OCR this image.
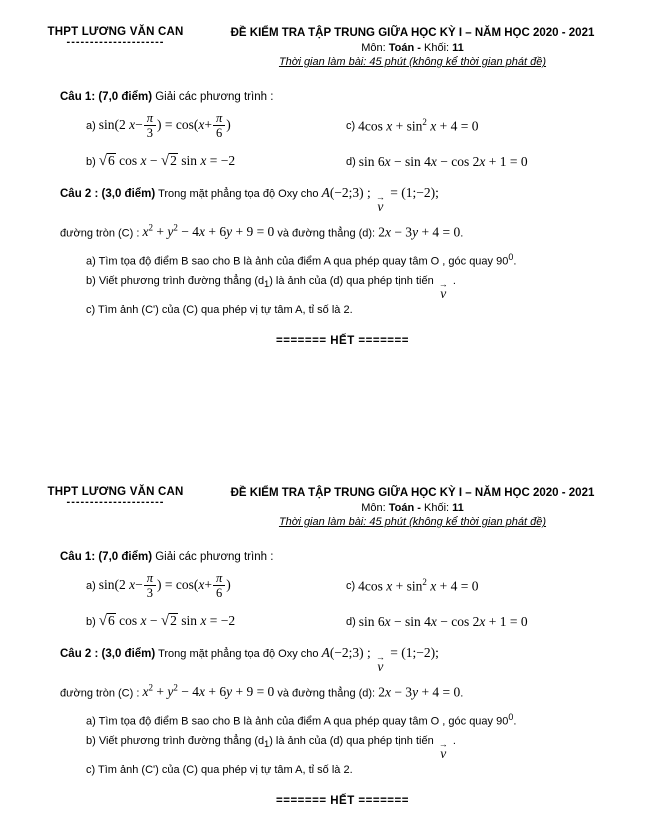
THPT LƯƠNG VĂN CAN
---------------------
ĐỀ KIỂM TRA TẬP TRUNG GIỮA HỌC KỲ I – NĂM HỌC 2020 - 2021
Môn: Toán - Khối: 11
Thời gian làm bài: 45 phút (không kể thời gian phát đề)
Câu 1: (7,0 điểm) Giải các phương trình :
a) sin(2 $x- \frac{\pi}{3}$ ) = $\cos(x+ \frac{\pi}{6}$ )	c) 4cos $x + \sin^2 x + 4 = 0$
b) √ 6 cos x − √ 2 sin x = −2	d) sin 6x − sin 4x − cos 2x + 1 = 0
Câu 2 : (3,0 điểm) Trong mặt phẳng tọa độ Oxy cho A(−2;3) ;
→ v
= (1;−2);
đường tròn (C) : $x^2 + y^2 - 4x + 6y + 9 = 0$ và đường thẳng (d): 2x − 3y + 4 = 0.
a) Tìm tọa độ điểm B sao cho B là ảnh của điểm A qua phép quay tâm O , góc quay $90^0$.
b) Viết phương trình đường thẳng $(d_1)$ là ảnh của (d) qua phép tịnh tiến
→ v
.
c) Tìm ảnh (C') của (C) qua phép vị tự tâm A, tỉ số là 2.
======= HẾT =======
THPT LƯƠNG VĂN CAN
---------------------
ĐỀ KIỂM TRA TẬP TRUNG GIỮA HỌC KỲ I – NĂM HỌC 2020 - 2021
Môn: Toán - Khối: 11
Thời gian làm bài: 45 phút (không kể thời gian phát đề)
Câu 1: (7,0 điểm) Giải các phương trình :
a) sin(2 $x- \frac{\pi}{3}$ ) = $\cos(x+ \frac{\pi}{6}$ )	c) 4cos $x + \sin^2 x + 4 = 0$
b) √ 6 cos x − √ 2 sin x = −2	d) sin 6x − sin 4x − cos 2x + 1 = 0
Câu 2 : (3,0 điểm) Trong mặt phẳng tọa độ Oxy cho A(−2;3) ;
→ v
= (1;−2);
đường tròn (C) : $x^2 + y^2 - 4x + 6y + 9 = 0$ và đường thẳng (d): 2x − 3y + 4 = 0.
a) Tìm tọa độ điểm B sao cho B là ảnh của điểm A qua phép quay tâm O , góc quay $90^0$.
b) Viết phương trình đường thẳng $(d_1)$ là ảnh của (d) qua phép tịnh tiến
→ v
.
c) Tìm ảnh (C') của (C) qua phép vị tự tâm A, tỉ số là 2.
======= HẾT =======
